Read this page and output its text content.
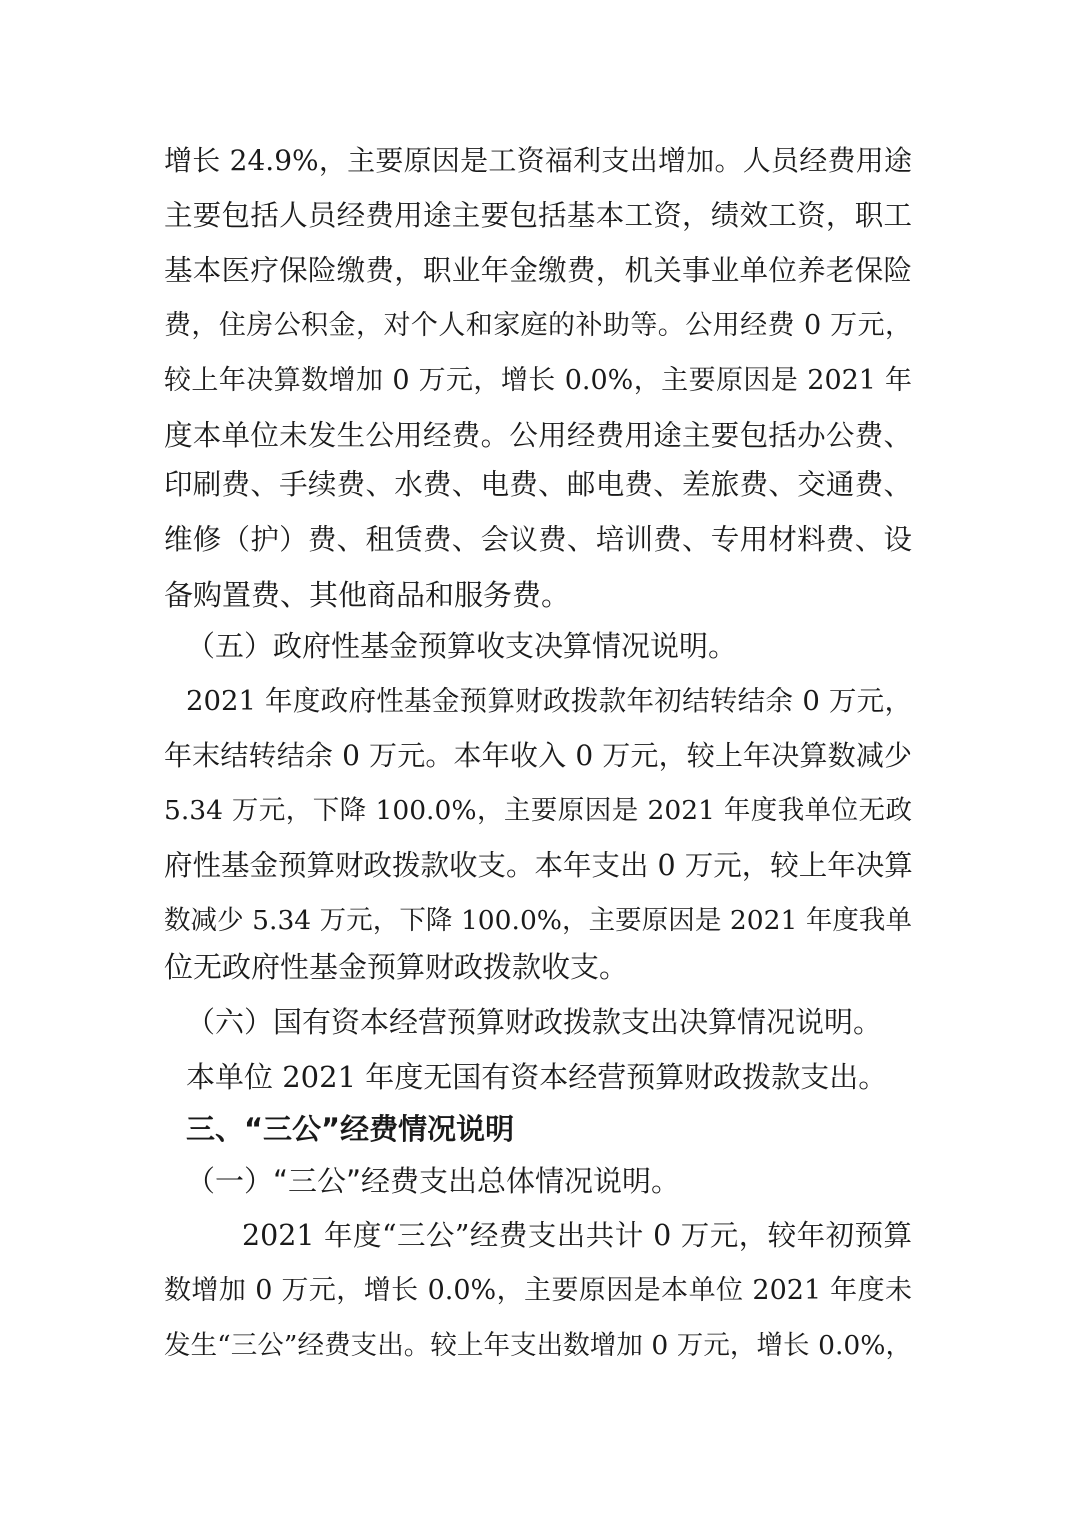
增长 24.9%，主要原因是工资福利支出增加。人员经费用途
主要包括人员经费用途主要包括基本工资，绩效工资，职工
基本医疗保险缴费，职业年金缴费，机关事业单位养老保险
费，住房公积金，对个人和家庭的补助等。公用经费 0 万元，
较上年决算数增加 0 万元，增长 0.0%，主要原因是 2021 年
度本单位未发生公用经费。公用经费用途主要包括办公费、
印刷费、手续费、水费、电费、邮电费、差旅费、交通费、
维修（护）费、租赁费、会议费、培训费、专用材料费、设
备购置费、其他商品和服务费。
（五）政府性基金预算收支决算情况说明。
2021 年度政府性基金预算财政拨款年初结转结余 0 万元，
年末结转结余 0 万元。本年收入 0 万元，较上年决算数减少
5.34 万元，下降 100.0%，主要原因是 2021 年度我单位无政
府性基金预算财政拨款收支。本年支出 0 万元，较上年决算
数减少 5.34 万元，下降 100.0%，主要原因是 2021 年度我单
位无政府性基金预算财政拨款收支。
（六）国有资本经营预算财政拨款支出决算情况说明。
本单位 2021 年度无国有资本经营预算财政拨款支出。
三、“三公”经费情况说明
（一）“三公”经费支出总体情况说明。
2021 年度“三公”经费支出共计 0 万元，较年初预算
数增加 0 万元，增长 0.0%，主要原因是本单位 2021 年度未
发生“三公”经费支出。较上年支出数增加 0 万元，增长 0.0%，
